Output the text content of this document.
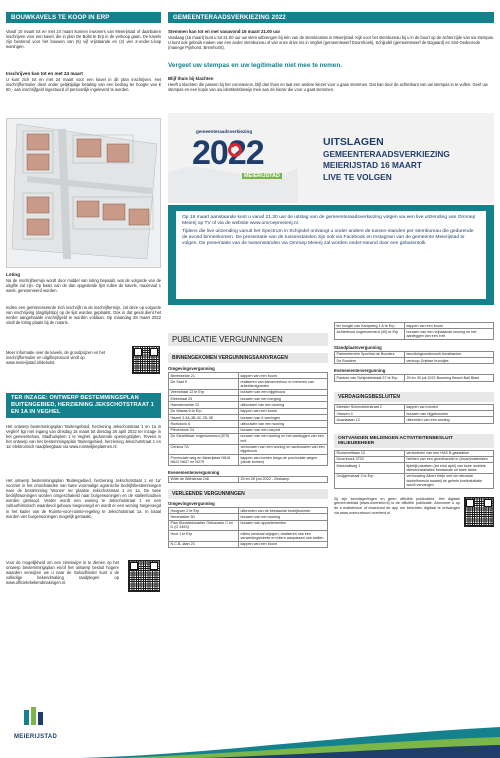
BOUWKAVELS TE KOOP IN ERP
Vanaf 10 maart tot en met 24 maart kunnen inwoners van Meierijstad of daarbuiten inschrijven voor een kavel, die in plan De Bolst te Erp in de verkoop gaan. De kavels zijn bestemd voor het bouwen van (5) vijf vrijstaande en (4) vier 2-onder-1-kap woningen.
Inschrijven kan tot en met 24 maart
U kunt zich tot en met 24 maart voor een kavel in dit plan inschrijven. Het inschrijfformulier dient onder gelijktijdige betaling van een bedrag ter hoogte van € 50,- aan inschrijfgeld ingestuurd of persoonlijk ingeleverd te worden.
Loting
Na de inschrijftermijn wordt door middel van loting bepaald, wat de volgorde van de uitgifte zal zijn. Op basis van de dan opgestelde lijst zullen de kavels, maximaal 1 week, gereserveerd worden.
Indien een geïnteresseerde zich inschrijft na de inschrijftermijn, zal deze op volgorde van inschrijving (dag/tijdstip) op de lijst worden geplaatst. Ook in dat geval dient het eerder aangehaalde inschrijfgeld te worden voldaan. Op maandag 28 maart 2022 vindt de loting plaats bij de notaris.
Meer informatie over de kavels, de grondprijzen en het inschrijfformulier en uitgifteprotocol vindt op www.meierijstad.nl/debolst.
TER INZAGE: ONTWERP BESTEMMINGSPLAN BUITENGEBIED, HERZIENING JEKSCHOTSTRAAT 1 EN 1A IN VEGHEL
Het ontwerp bestemmingsplan 'Buitengebied, herziening Jekschotstraat 1 en 1a in Veghel' ligt met ingang van dinsdag 15 maart tot dinsdag 26 april 2022 ter inzage in het gemeentehuis, Stadhuisplein 1 te Veghel, gedurende openingstijden. Tevens is het ontwerp van het bestemmingsplan 'Buitengebied, herziening Jekschotstraat 1 en 1a' elektronisch raadpleegbaar via www.ruimtelijkeplannen.nl.
Het ontwerp bestemmingsplan 'Buitengebied, herziening Jekschotstraat 1 en 1a' voorziet in het omschakelen van twee voormalige agrarische bedrijfsbestemmingen naar de bestemming 'Wonen' ter plaatse Jekschotstraat 1 en 1a. De twee bedrijfswoningen worden omgeschakeld naar burgerwoningen en de stallenfoodsen worden gesloopt. Verder wordt een woning te Jekschotstraat 1 en een cultuurhistorisch waardevol gebouw toegevoegd en wordt er een woning toegevoegd in het kader van de Ruimte-voor-ruimte-regeling te Jekschotstraat 1a. In totaal worden vier burgerwoningen mogelijk gemaakt.
Voor de mogelijkheid om een zienswijze in te dienen op het ontwerp bestemmingsplan en/of het ontwerp besluit hogere waarden verwijzen we u naar de Geluidhinder kunt u de volledige bekendmaking raadplegen op www.officielebekendmakingen.nl.
MEIERIJSTAD
GEMEENTERAADSVERKIEZING 2022
Stemmen kan tot en met vanavond 16 maart 21.00 uur
Vandaag (16 maart) kunt u tot 21.00 uur uw stem uitbrengen bij één van de stemlocaties in Meierijstad. Kijk voor het stembureau bij u in de buurt op de achterzijde van uw stempas. U kunt ook gebruik maken van een ander stembureau of van onze drive ins in Veghel (gemeentewerf Doornhoek), Schijndel (gemeentewerf de Bogaard) en Sint-Oedenrode (manege Pijnhorst, Bremhorst).
Vergeet uw stempas en uw legitimatie niet mee te nemen.
Blijf thuis bij klachten
Heeft u klachten die passen bij het coronavirus, blijf dan thuis en laat een andere kiezer voor u gaan stemmen. Dat kan door de achterkant van uw stempas in te vullen. Geef uw stempas en een kopie van uw identiteitsbewijs mee aan de kiezer die voor u gaat stemmen.
gemeenteraadsverkiezing
2022
MEIERIJSTAD
UITSLAGEN
GEMEENTERAADSVERKIEZING
MEIERIJSTAD 16 MAART
LIVE TE VOLGEN
Op 16 maart aanstaande kunt u vanaf 21.30 uur de uitslag van de gemeenteraadsverkiezing volgen via een live uitzending van Omroep Meierij op TV of via de website www.omroepmeierij.nl.
Tijdens die live uitzending vanuit het Spectrum in Schijndel ontvangt u onder andere de tussen-standen per stembureau die gedurende de avond binnenkomen. De presentatie van de tussenstanden zijn ook via Facebook en Instagram van de gemeente Meierijstad te volgen. De presentatie van de tussenstanden via Omroep Meierij zal worden onder-steund door een gebarentolk.
PUBLICATIE VERGUNNINGEN
BINNENGEKOMEN VERGUNNINGSAANVRAGEN
Omgevingsvergunning
Beverweide 21	kappen van een boom
De Stad 9	realiseren van kamerverhuur en beheren van arbeidsmigranten
Veenstraat 12 te Erp	bouwen van een bijgebouw
Elbestraat 25	bouwen van een berging
Hamsterweide 22	uitbouwen van een woning
De Wasaa 6 te Erp	kappen van een boom
Hazelt 3-3A-3B-3C-3D-3E	bouwen van 6 woningen
Roekdonk 6	uitbouwen van een woning
Pleverdonk 24	bouwen van een carport
De Schelfelaar ongenummerd (579)	bouwen van een woning en het aanleggen van een inrit
Corsica 7A	verbouwen van een woning en aanbouwen van een bijgebouw
Provinciale weg en Meierijstad N618 N622 N637 en N279	kappen van bomen langs de provinciale wegen (diode bomen)
Evenementenvergunning
Witte de Withstraat 248	25 en 26 juni 2022 - Zeskamp
VERLEENDE VERGUNNINGEN
Omgevingsvergunning
Hoogven 2 te Erp	uitbreiden van de bestaande bedrijfsruimte
Herenakker 50	bouwen van een woning
Plan Kloosterkwartier Gebouwen C en D (G 3453)	bouwen van appartementen
Hool 1 te Erp	milieu neutraal wijzigen, realiseren van een verwerkingsruimte en intern aanpassen van stallen
N.C.B.-laan 23	kappen van een boom
ter hoogte van Kampweg 1 A te Erp	kappen van een boom
Achterblost ongenummerd (40) te Erp	bouwen van een vrijstaande woning en het aanleggen van een inrit
Standplaatsvergunning
Parkeerterrein Sporthal de Bunders	bevolkingsonderzoek borstkanker
De Bunders	verkoop Griekse broodjes
Evenementenvergunning
Pastoor van Schijndelstraat 37 te Erp	29 en 30 juli 2022 Booming Beach Ball Blast
VERDAGINGSBESLUITEN
Meester Schendelerstraat 2	kappen van bomen
Vlaxven 4	bouwen van bijgebouwen
Acaciaiaan 13	uitbreiden van een woning
ONTVANGEN MELDINGEN ACTIVITEITENBESLUIT MILIEUBEHEER
Rooseveltlaan 10	veranderen van een HAS B gasstation
Doornhoek 3720	hebben van een grondhandel in (bouw)materialen
Marshallweg 1	tijdelijk plaatsen (tot eind april) van twee mobiele afleverinstallaties bestaande uit twee tanks
Cruijgenstraat 3 te Erp	verbouwing Albert Heijn met de nieuwste winkelformule waarbij de gehele koelinstallatie wordt vervangen
Zij zijn kennisgevingen en geen officiële publicaties. Het digitale gemeenteblad (www.overheid.nl) is de officiële publicatie. Abonneer u op de e-mailservice of download de app om berichten digitaal te ontvangen via www.overuurbuurt.overheid.nl.
